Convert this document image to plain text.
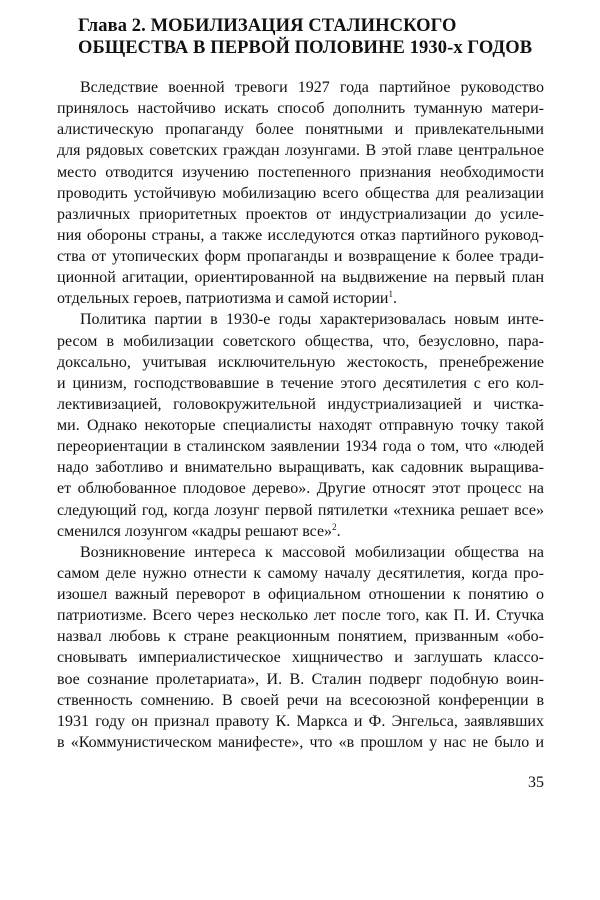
Глава 2. МОБИЛИЗАЦИЯ СТАЛИНСКОГО
ОБЩЕСТВА В ПЕРВОЙ ПОЛОВИНЕ 1930-х ГОДОВ
Вследствие военной тревоги 1927 года партийное руководство
принялось настойчиво искать способ дополнить туманную матери-
алистическую пропаганду более понятными и привлекательными
для рядовых советских граждан лозунгами. В этой главе центральное
место отводится изучению постепенного признания необходимости
проводить устойчивую мобилизацию всего общества для реализации
различных приоритетных проектов от индустриализации до усиле-
ния обороны страны, а также исследуются отказ партийного руковод-
ства от утопических форм пропаганды и возвращение к более тради-
ционной агитации, ориентированной на выдвижение на первый план
отдельных героев, патриотизма и самой истории$^1$.
Политика партии в 1930-е годы характеризовалась новым инте-
ресом в мобилизации советского общества, что, безусловно, пара-
доксально, учитывая исключительную жестокость, пренебрежение
и цинизм, господствовавшие в течение этого десятилетия с его кол-
лективизацией, головокружительной индустриализацией и чистка-
ми. Однако некоторые специалисты находят отправную точку такой
переориентации в сталинском заявлении 1934 года о том, что «людей
надо заботливо и внимательно выращивать, как садовник выращива-
ет облюбованное плодовое дерево». Другие относят этот процесс на
следующий год, когда лозунг первой пятилетки «техника решает все»
сменился лозунгом «кадры решают все»$^2$.
Возникновение интереса к массовой мобилизации общества на
самом деле нужно отнести к самому началу десятилетия, когда про-
изошел важный переворот в официальном отношении к понятию о
патриотизме. Всего через несколько лет после того, как П. И. Стучка
назвал любовь к стране реакционным понятием, призванным «обо-
сновывать империалистическое хищничество и заглушать классо-
вое сознание пролетариата», И. В. Сталин подверг подобную воин-
ственность сомнению. В своей речи на всесоюзной конференции в
1931 году он признал правоту К. Маркса и Ф. Энгельса, заявлявших
в «Коммунистическом манифесте», что «в прошлом у нас не было и
35
